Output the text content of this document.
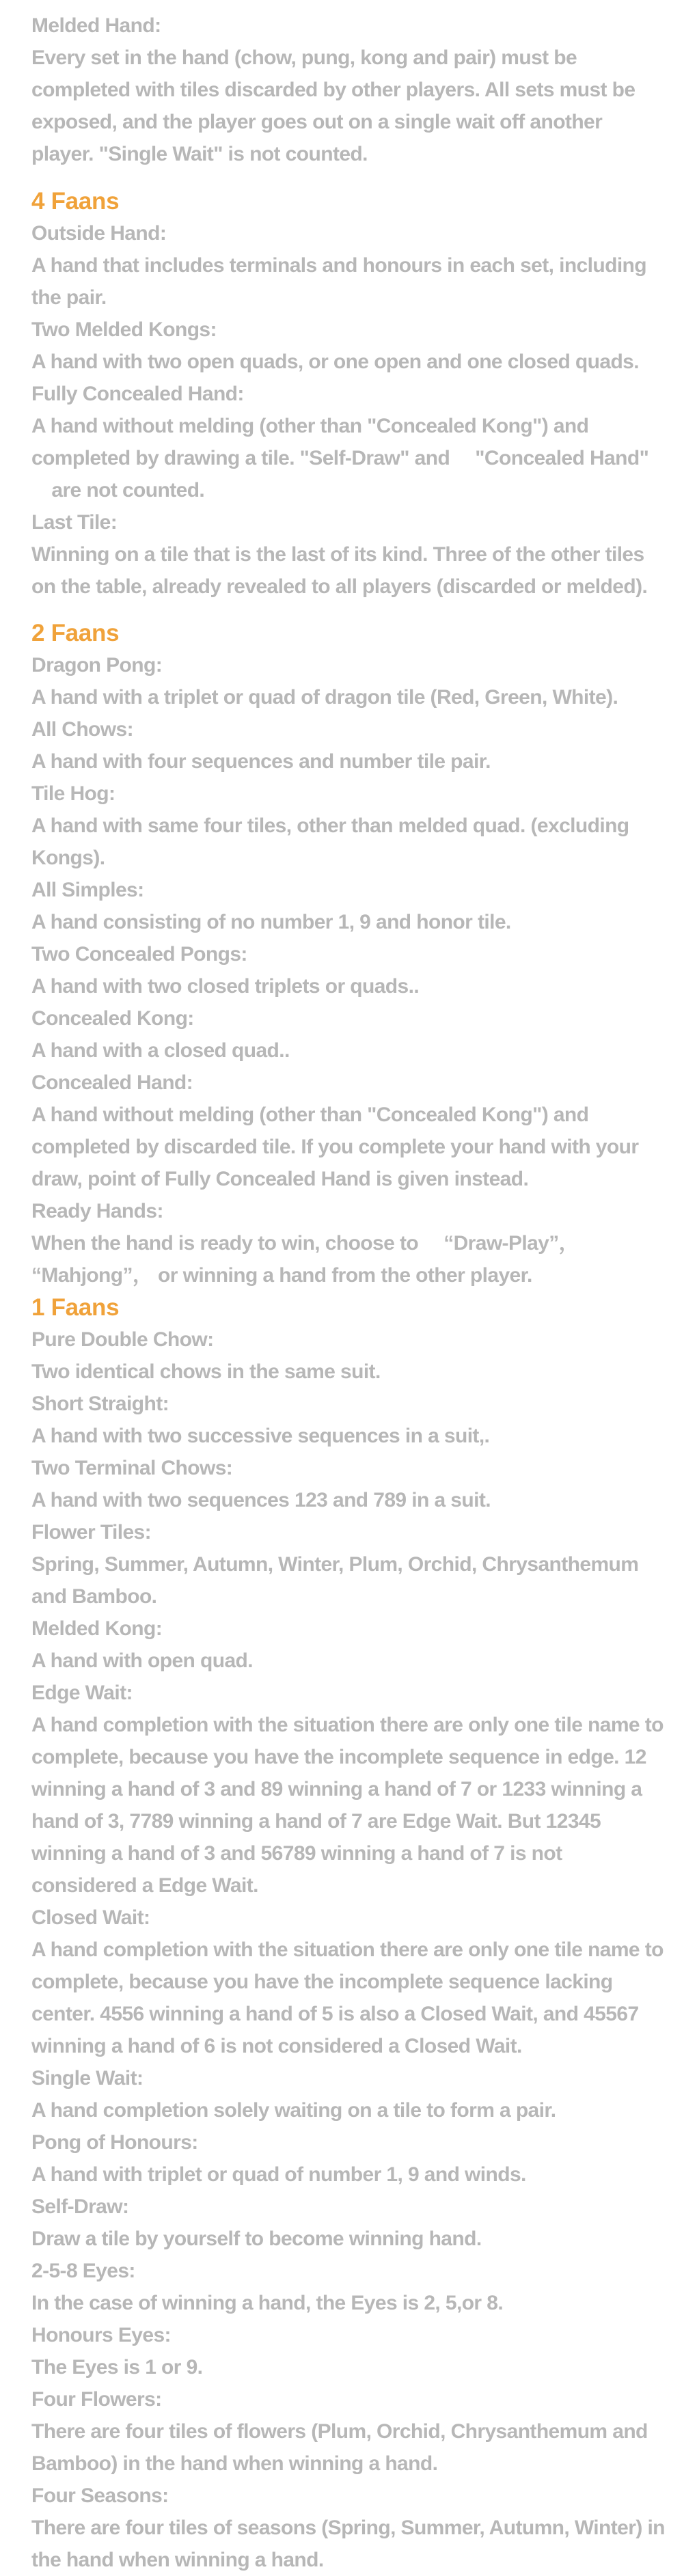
Melded Hand:
Every set in the hand (chow, pung, kong and pair) must be completed with tiles discarded by other players. All sets must be exposed, and the player goes out on a single wait off another player. "Single Wait" is not counted.
4 Faans
Outside Hand:
A hand that includes terminals and honours in each set, including the pair.
Two Melded Kongs:
A hand with two open quads, or one open and one closed quads.
Fully Concealed Hand:
A hand without melding (other than "Concealed Kong") and completed by drawing a tile. "Self-Draw" and 　"Concealed Hand" 　are not counted.
Last Tile:
Winning on a tile that is the last of its kind. Three of the other tiles on the table, already revealed to all players (discarded or melded).
2 Faans
Dragon Pong:
A hand with a triplet or quad of dragon tile (Red, Green, White).
All Chows:
A hand with four sequences and number tile pair.
Tile Hog:
A hand with same four tiles, other than melded quad. (excluding Kongs).
All Simples:
A hand consisting of no number 1, 9 and honor tile.
Two Concealed Pongs:
A hand with two closed triplets or quads..
Concealed Kong:
A hand with a closed quad..
Concealed Hand:
A hand without melding (other than "Concealed Kong") and completed by discarded tile. If you complete your hand with your draw, point of Fully Concealed Hand is given instead.
Ready Hands:
When the hand is ready to win, choose to 　“Draw-Play”， “Mahjong”， or winning a hand from the other player.
1 Faans
Pure Double Chow:
Two identical chows in the same suit.
Short Straight:
A hand with two successive sequences in a suit,.
Two Terminal Chows:
A hand with two sequences 123 and 789 in a suit.
Flower Tiles:
Spring, Summer, Autumn, Winter, Plum, Orchid, Chrysanthemum and Bamboo.
Melded Kong:
A hand with open quad.
Edge Wait:
A hand completion with the situation there are only one tile name to complete, because you have the incomplete sequence in edge. 12 winning a hand of 3 and 89 winning a hand of 7 or 1233 winning a hand of 3, 7789 winning a hand of 7 are Edge Wait. But 12345 winning a hand of 3 and 56789 winning a hand of 7 is not considered a Edge Wait.
Closed Wait:
A hand completion with the situation there are only one tile name to complete, because you have the incomplete sequence lacking center. 4556 winning a hand of 5 is also a Closed Wait, and 45567 winning a hand of 6 is not considered a Closed Wait.
Single Wait:
A hand completion solely waiting on a tile to form a pair.
Pong of Honours:
A hand with triplet or quad of number 1, 9 and winds.
Self-Draw:
Draw a tile by yourself to become winning hand.
2-5-8 Eyes:
In the case of winning a hand, the Eyes is 2, 5,or 8.
Honours Eyes:
The Eyes is 1 or 9.
Four Flowers:
There are four tiles of flowers (Plum, Orchid, Chrysanthemum and Bamboo) in the hand when winning a hand.
Four Seasons:
There are four tiles of seasons (Spring, Summer, Autumn, Winter) in the hand when winning a hand.
